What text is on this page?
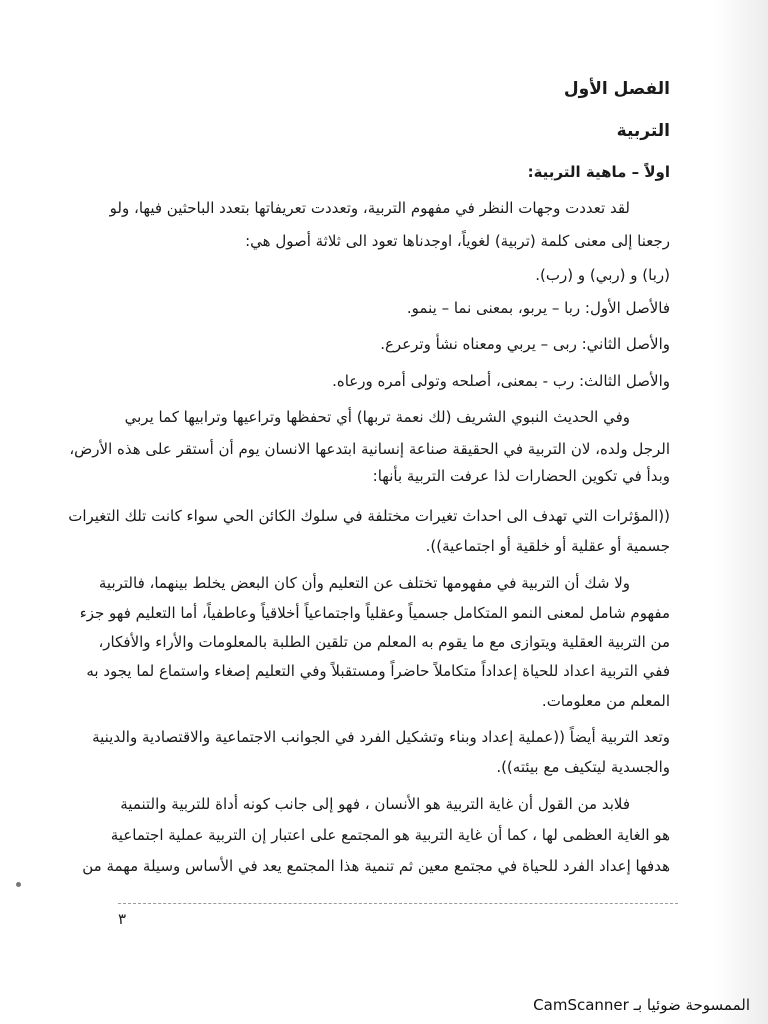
الفصل الأول
التربية
اولاً – ماهية التربية:
لقد تعددت وجهات النظر في مفهوم التربية، وتعددت تعريفاتها بتعدد الباحثين فيها، ولو
رجعنا إلى معنى كلمة (تربية) لغوياً، اوجدناها تعود الى ثلاثة أصول هي:
(ربا) و (ربي) و (رب).
فالأصل الأول: ربا – يربو، بمعنى نما – ينمو.
والأصل الثاني: ربى – يربي ومعناه نشأ وترعرع.
والأصل الثالث: رب - بمعنى، أصلحه وتولى أمره ورعاه.
وفي الحديث النبوي الشريف (لك نعمة تربها) أي تحفظها وتراعيها وترابيها كما يربي
الرجل ولده، لان التربية في الحقيقة صناعة إنسانية ابتدعها الانسان يوم أن أستقر على هذه الأرض،
وبدأ في تكوين الحضارات لذا عرفت التربية بأنها:
((المؤثرات التي تهدف الى احداث تغيرات مختلفة في سلوك الكائن الحي سواء كانت تلك التغيرات
جسمية أو عقلية أو خلقية أو اجتماعية)).
ولا شك أن التربية في مفهومها تختلف عن التعليم وأن كان البعض يخلط بينهما، فالتربية
مفهوم شامل لمعنى النمو المتكامل جسمياً وعقلياً واجتماعياً أخلاقياً وعاطفياً، أما التعليم فهو جزء
من التربية العقلية ويتوازى مع ما يقوم به المعلم من تلقين الطلبة بالمعلومات والأراء والأفكار،
ففي التربية اعداد للحياة إعداداً متكاملاً حاضراً ومستقبلاً وفي التعليم إصغاء واستماع لما يجود به
المعلم من معلومات.
وتعد التربية أيضاً ((عملية إعداد وبناء وتشكيل الفرد في الجوانب الاجتماعية والاقتصادية والدينية
والجسدية ليتكيف مع بيئته)).
فلابد من القول أن غاية التربية هو الأنسان ، فهو إلى جانب كونه أداة للتربية والتنمية
هو الغاية العظمى لها ، كما أن غاية التربية هو المجتمع على اعتبار إن التربية عملية اجتماعية
هدفها إعداد الفرد للحياة في مجتمع معين ثم تنمية هذا المجتمع يعد في الأساس وسيلة مهمة من
٣
الممسوحة ضوئيا بـ CamScanner
